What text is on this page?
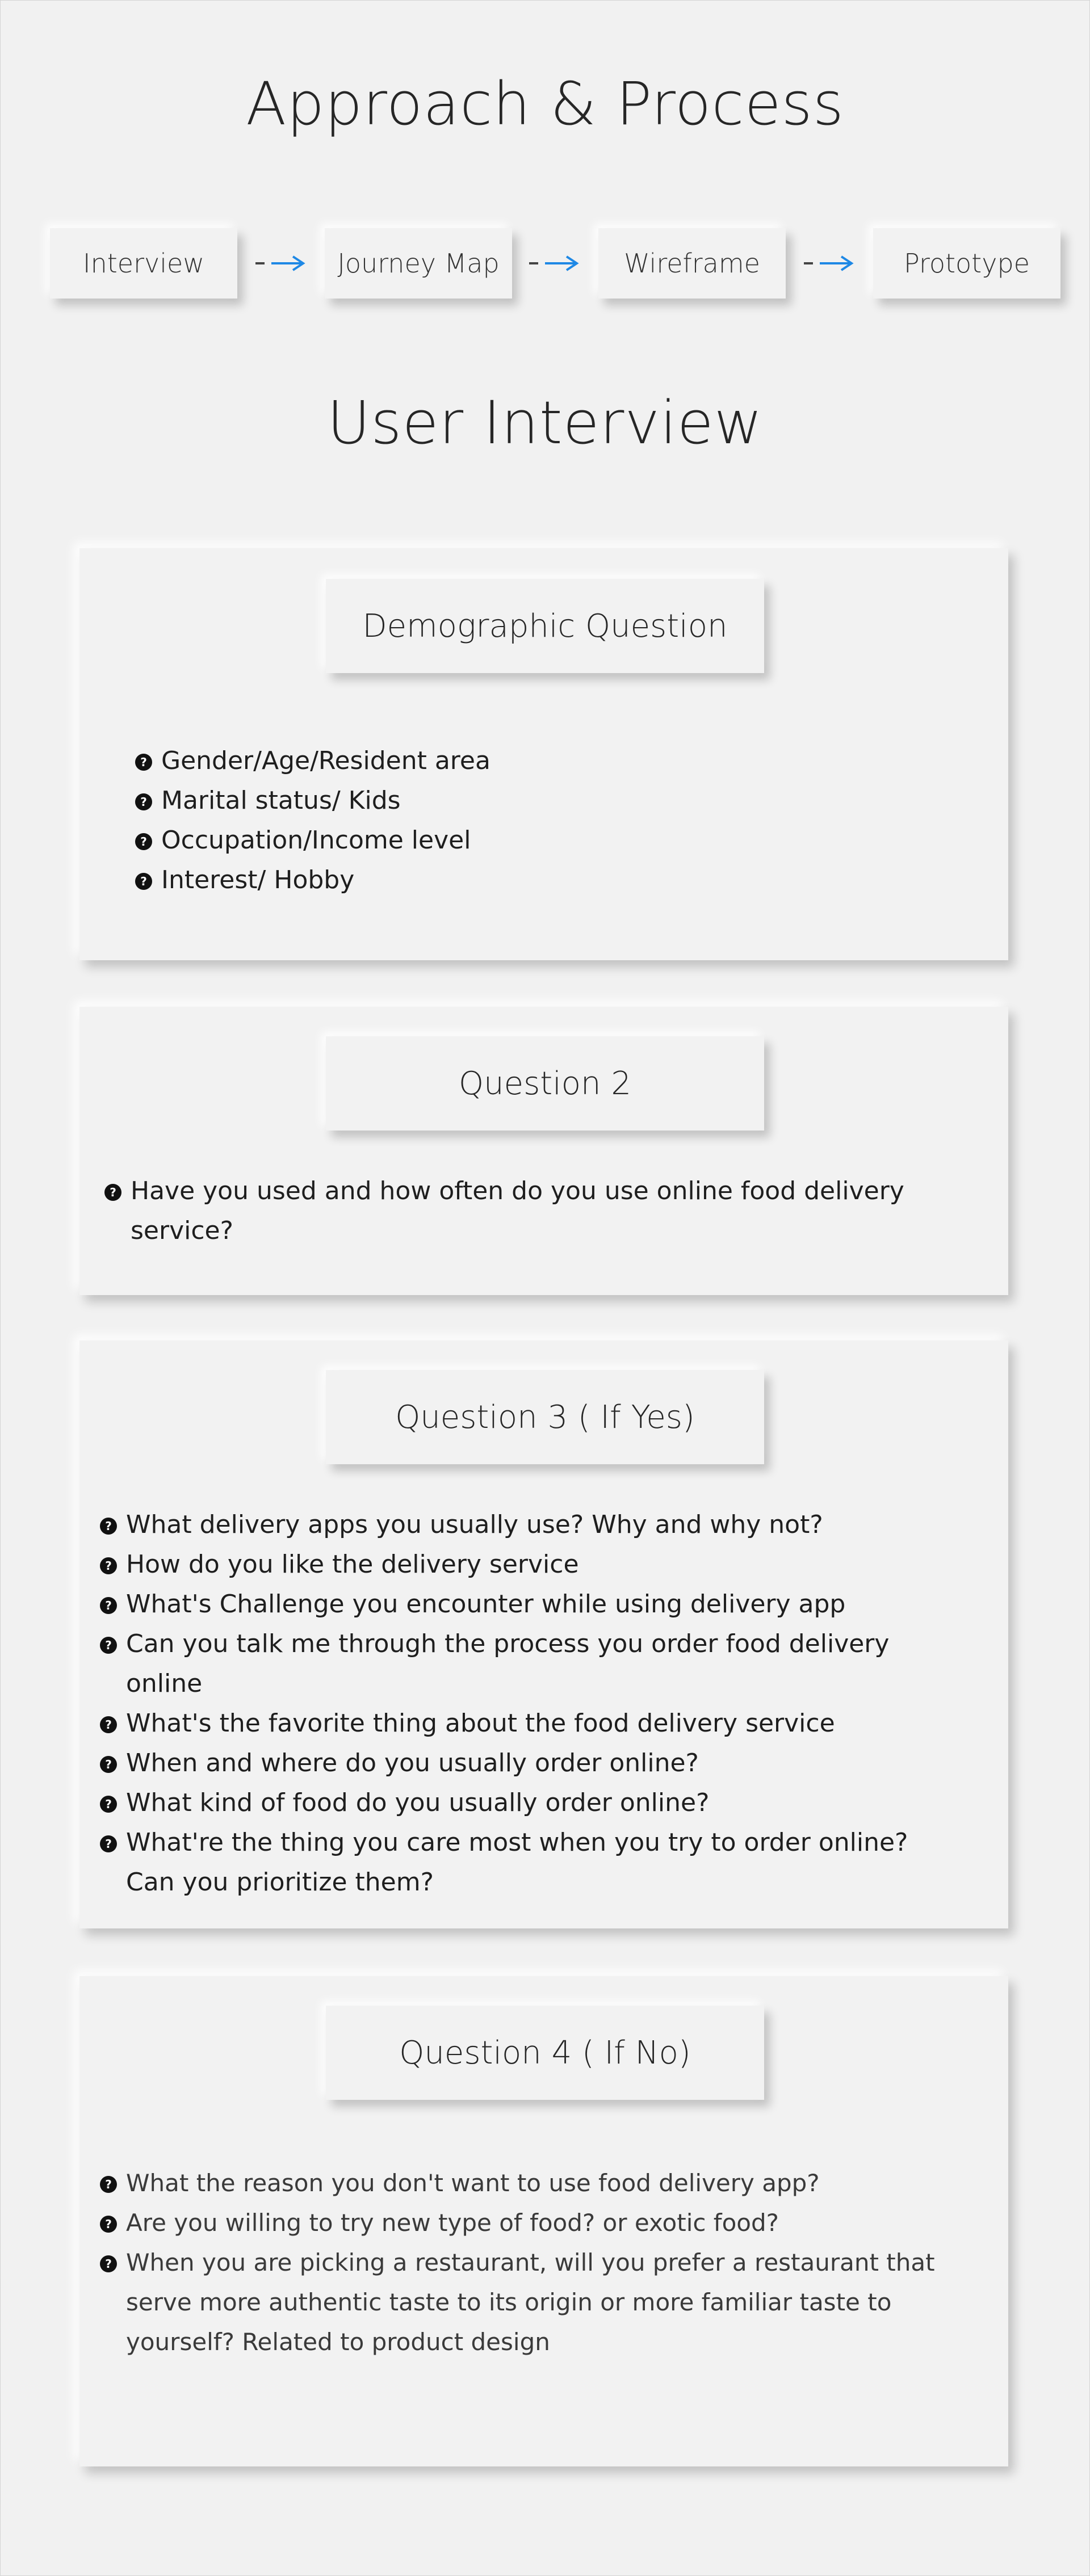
Approach & Process
Interview	Journey Map	Wireframe	Prototype
User Interview
Demographic Question
? Gender/Age/Resident area
? Marital status/ Kids
? Occupation/Income level
? Interest/ Hobby
Question 2
? Have you used and how often do you use online food delivery service?
Question 3 ( If Yes)
? What delivery apps you usually use? Why and why not?
? How do you like the delivery service
? What's Challenge you encounter while using delivery app
? Can you talk me through the process you order food delivery online
? What's the favorite thing about the food delivery service
? When and where do you usually order online?
? What kind of food do you usually order online?
? What're the thing you care most when you try to order online? Can you prioritize them?
Question 4 ( If No)
? What the reason you don't want to use food delivery app?
? Are you willing to try new type of food? or exotic food?
? When you are picking a restaurant, will you prefer a restaurant that serve more authentic taste to its origin or more familiar taste to yourself? Related to product design
